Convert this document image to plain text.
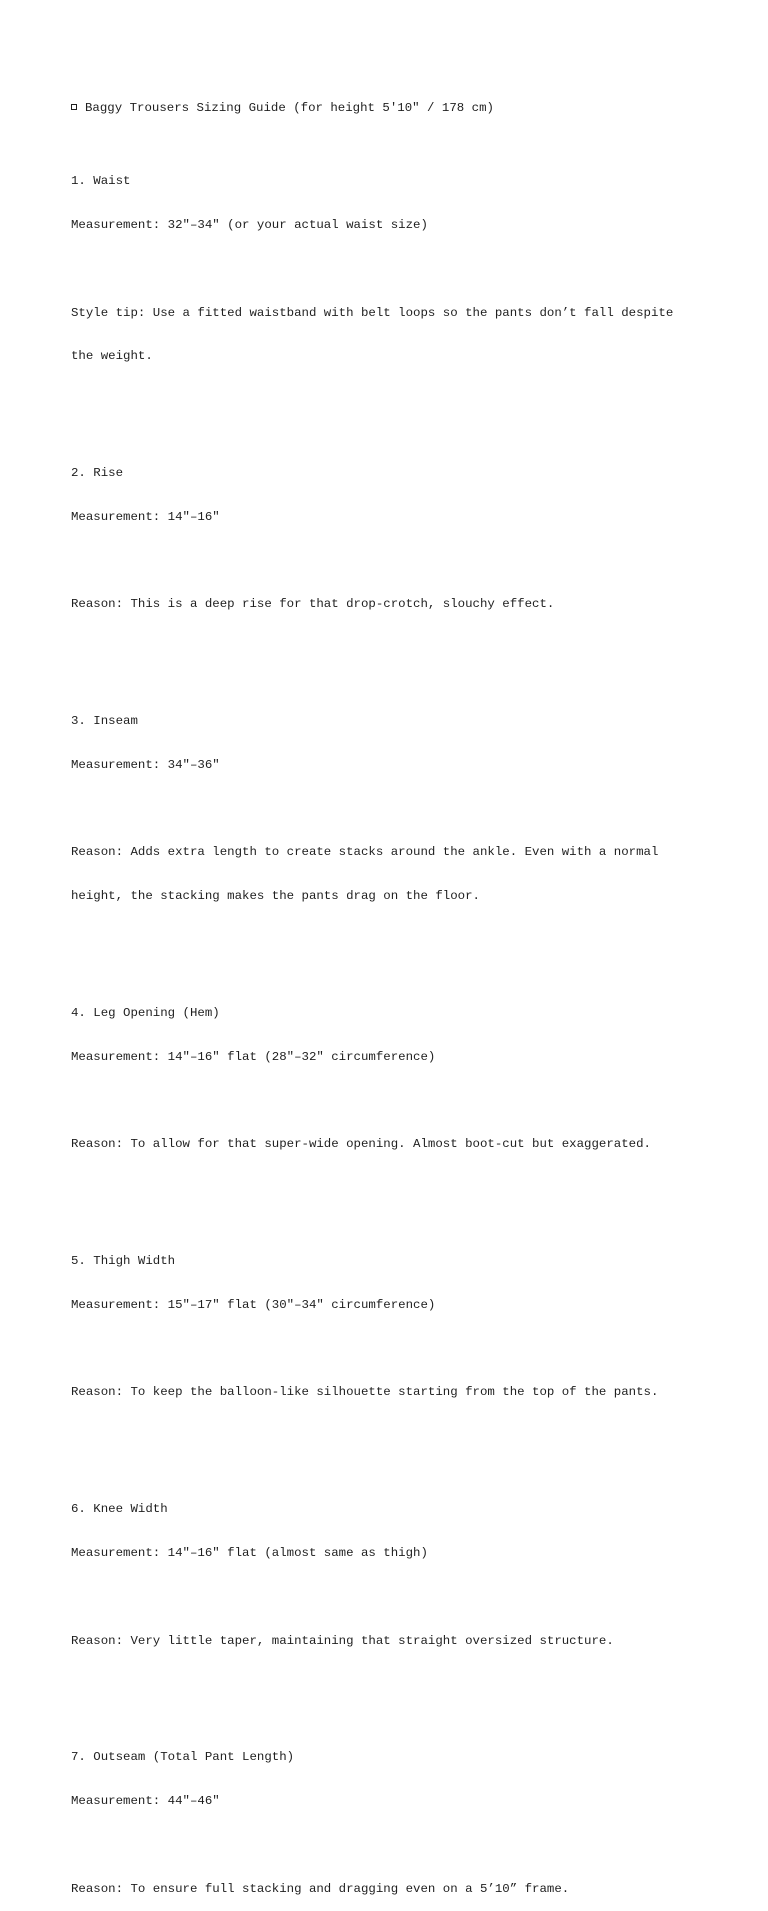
Baggy Trousers Sizing Guide (for height 5'10" / 178 cm)

1. Waist

Measurement: 32"–34" (or your actual waist size)

Style tip: Use a fitted waistband with belt loops so the pants don’t fall despite

the weight.

2. Rise

Measurement: 14"–16"

Reason: This is a deep rise for that drop-crotch, slouchy effect.

3. Inseam

Measurement: 34"–36"

Reason: Adds extra length to create stacks around the ankle. Even with a normal

height, the stacking makes the pants drag on the floor.

4. Leg Opening (Hem)

Measurement: 14"–16" flat (28"–32" circumference)

Reason: To allow for that super-wide opening. Almost boot-cut but exaggerated.

5. Thigh Width

Measurement: 15"–17" flat (30"–34" circumference)

Reason: To keep the balloon-like silhouette starting from the top of the pants.

6. Knee Width

Measurement: 14"–16" flat (almost same as thigh)

Reason: Very little taper, maintaining that straight oversized structure.

7. Outseam (Total Pant Length)

Measurement: 44"–46"

Reason: To ensure full stacking and dragging even on a 5’10” frame.
